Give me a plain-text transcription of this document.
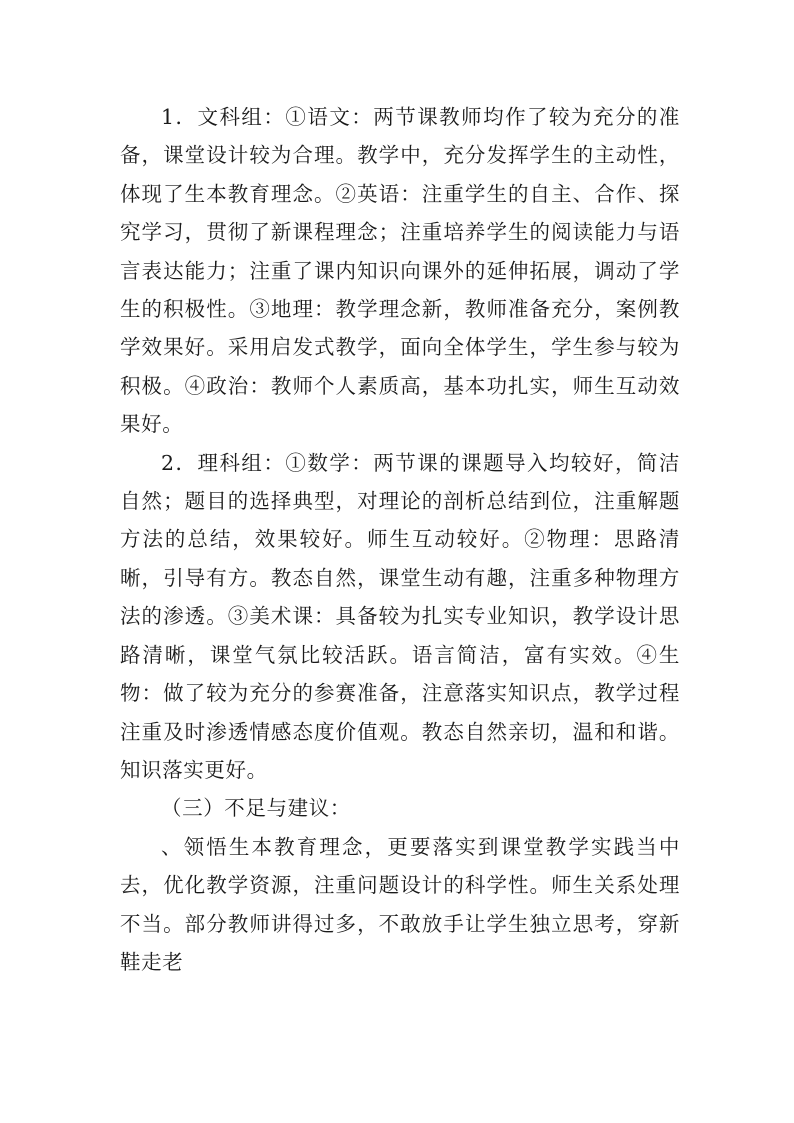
1．文科组：①语文：两节课教师均作了较为充分的准备，课堂设计较为合理。教学中，充分发挥学生的主动性，体现了生本教育理念。②英语：注重学生的自主、合作、探究学习，贯彻了新课程理念；注重培养学生的阅读能力与语言表达能力；注重了课内知识向课外的延伸拓展，调动了学生的积极性。③地理：教学理念新，教师准备充分，案例教学效果好。采用启发式教学，面向全体学生，学生参与较为积极。④政治：教师个人素质高，基本功扎实，师生互动效果好。

2．理科组：①数学：两节课的课题导入均较好，简洁自然；题目的选择典型，对理论的剖析总结到位，注重解题方法的总结，效果较好。师生互动较好。②物理：思路清晰，引导有方。教态自然，课堂生动有趣，注重多种物理方法的渗透。③美术课：具备较为扎实专业知识，教学设计思路清晰，课堂气氛比较活跃。语言简洁，富有实效。④生物：做了较为充分的参赛准备，注意落实知识点，教学过程注重及时渗透情感态度价值观。教态自然亲切，温和和谐。知识落实更好。

（三）不足与建议：

、领悟生本教育理念，更要落实到课堂教学实践当中去，优化教学资源，注重问题设计的科学性。师生关系处理不当。部分教师讲得过多，不敢放手让学生独立思考，穿新鞋走老
